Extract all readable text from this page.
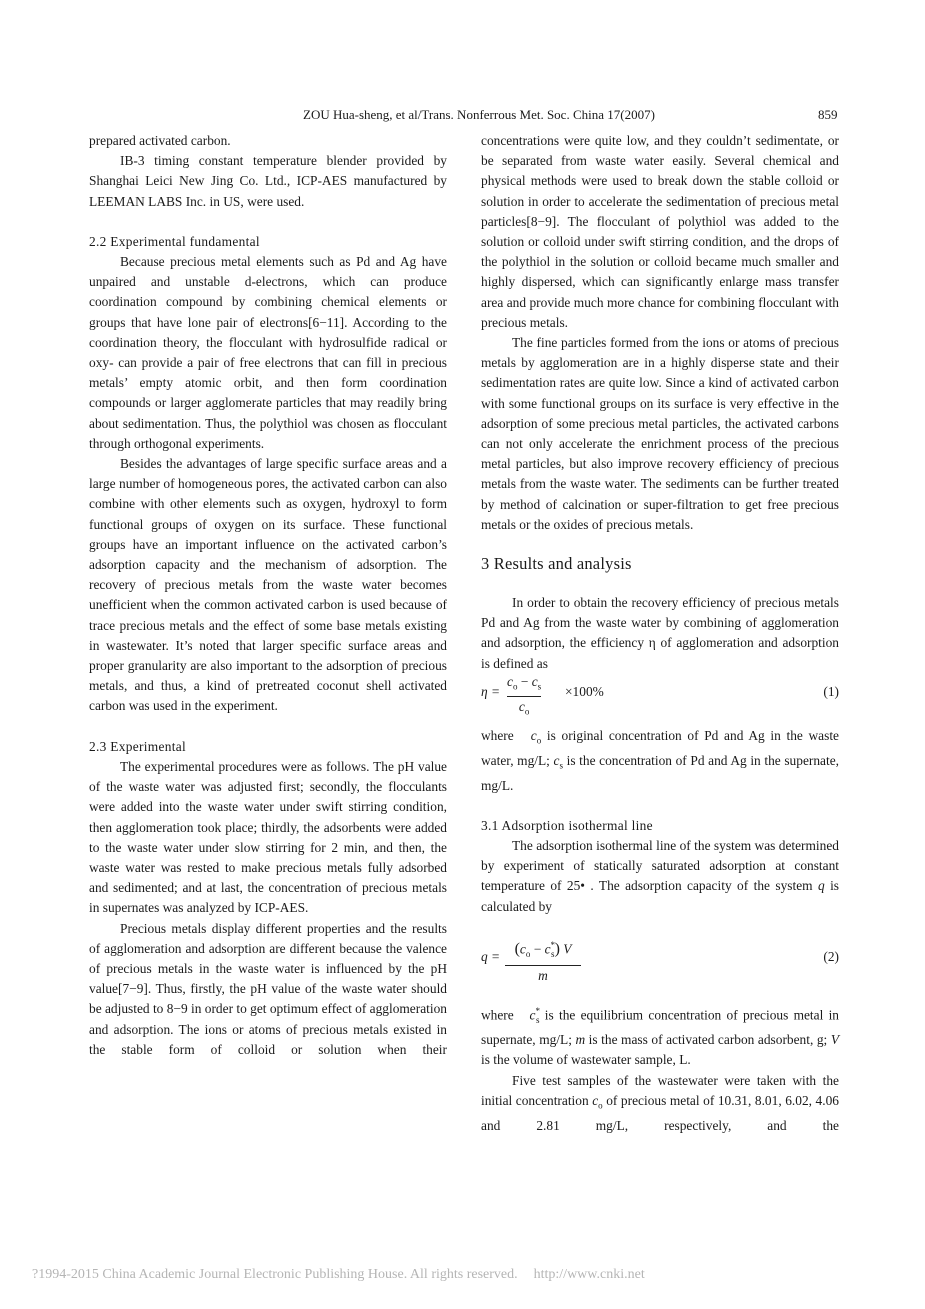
ZOU Hua-sheng, et al/Trans. Nonferrous Met. Soc. China 17(2007)	859

prepared activated carbon.

IB-3 timing constant temperature blender provided by Shanghai Leici New Jing Co. Ltd., ICP-AES manufactured by LEEMAN LABS Inc. in US, were used.

2.2 Experimental fundamental

Because precious metal elements such as Pd and Ag have unpaired and unstable d-electrons, which can produce coordination compound by combining chemical elements or groups that have lone pair of electrons[6−11]. According to the coordination theory, the flocculant with hydrosulfide radical or oxy- can provide a pair of free electrons that can fill in precious metals’ empty atomic orbit, and then form coordination compounds or larger agglomerate particles that may readily bring about sedimentation. Thus, the polythiol was chosen as flocculant through orthogonal experiments.

Besides the advantages of large specific surface areas and a large number of homogeneous pores, the activated carbon can also combine with other elements such as oxygen, hydroxyl to form functional groups of oxygen on its surface. These functional groups have an important influence on the activated carbon’s adsorption capacity and the mechanism of adsorption. The recovery of precious metals from the waste water becomes unefficient when the common activated carbon is used because of trace precious metals and the effect of some base metals existing in wastewater. It’s noted that larger specific surface areas and proper granularity are also important to the adsorption of precious metals, and thus, a kind of pretreated coconut shell activated carbon was used in the experiment.

2.3 Experimental

The experimental procedures were as follows. The pH value of the waste water was adjusted first; secondly, the flocculants were added into the waste water under swift stirring condition, then agglomeration took place; thirdly, the adsorbents were added to the waste water under slow stirring for 2 min, and then, the waste water was rested to make precious metals fully adsorbed and sedimented; and at last, the concentration of precious metals in supernates was analyzed by ICP-AES.

Precious metals display different properties and the results of agglomeration and adsorption are different because the valence of precious metals in the waste water is influenced by the pH value[7−9]. Thus, firstly, the pH value of the waste water should be adjusted to 8−9 in order to get optimum effect of agglomeration and adsorption. The ions or atoms of precious metals existed in the stable form of colloid or solution when their

concentrations were quite low, and they couldn’t sedimentate, or be separated from waste water easily. Several chemical and physical methods were used to break down the stable colloid or solution in order to accelerate the sedimentation of precious metal particles[8−9]. The flocculant of polythiol was added to the solution or colloid under swift stirring condition, and the drops of the polythiol in the solution or colloid became much smaller and highly dispersed, which can significantly enlarge mass transfer area and provide much more chance for combining flocculant with precious metals.

The fine particles formed from the ions or atoms of precious metals by agglomeration are in a highly disperse state and their sedimentation rates are quite low. Since a kind of activated carbon with some functional groups on its surface is very effective in the adsorption of some precious metal particles, the activated carbons can not only accelerate the enrichment process of the precious metal particles, but also improve recovery efficiency of precious metals from the waste water. The sediments can be further treated by method of calcination or super-filtration to get free precious metals or the oxides of precious metals.

3 Results and analysis

In order to obtain the recovery efficiency of precious metals Pd and Ag from the waste water by combining of agglomeration and adsorption, the efficiency η of agglomeration and adsorption is defined as

η =
$c_o - c_s$
$c_o$
×100%	(1)

where $c_o$ is original concentration of Pd and Ag in the waste water, mg/L; $c_s$ is the concentration of Pd and Ag in the supernate, mg/L.

3.1 Adsorption isothermal line

The adsorption isothermal line of the system was determined by experiment of statically saturated adsorption at constant temperature of 25• . The adsorption capacity of the system q is calculated by

$q = (c_o - c^*_s)$ V
m
(2)

where $c^*_s$ is the equilibrium concentration of precious metal in supernate, mg/L; m is the mass of activated carbon adsorbent, g; V is the volume of wastewater sample, L.

Five test samples of the wastewater were taken with the initial concentration $c_o$ of precious metal of 10.31, 8.01, 6.02, 4.06 and 2.81 mg/L, respectively, and the

?1994-2015 China Academic Journal Electronic Publishing House. All rights reserved. http://www.cnki.net
